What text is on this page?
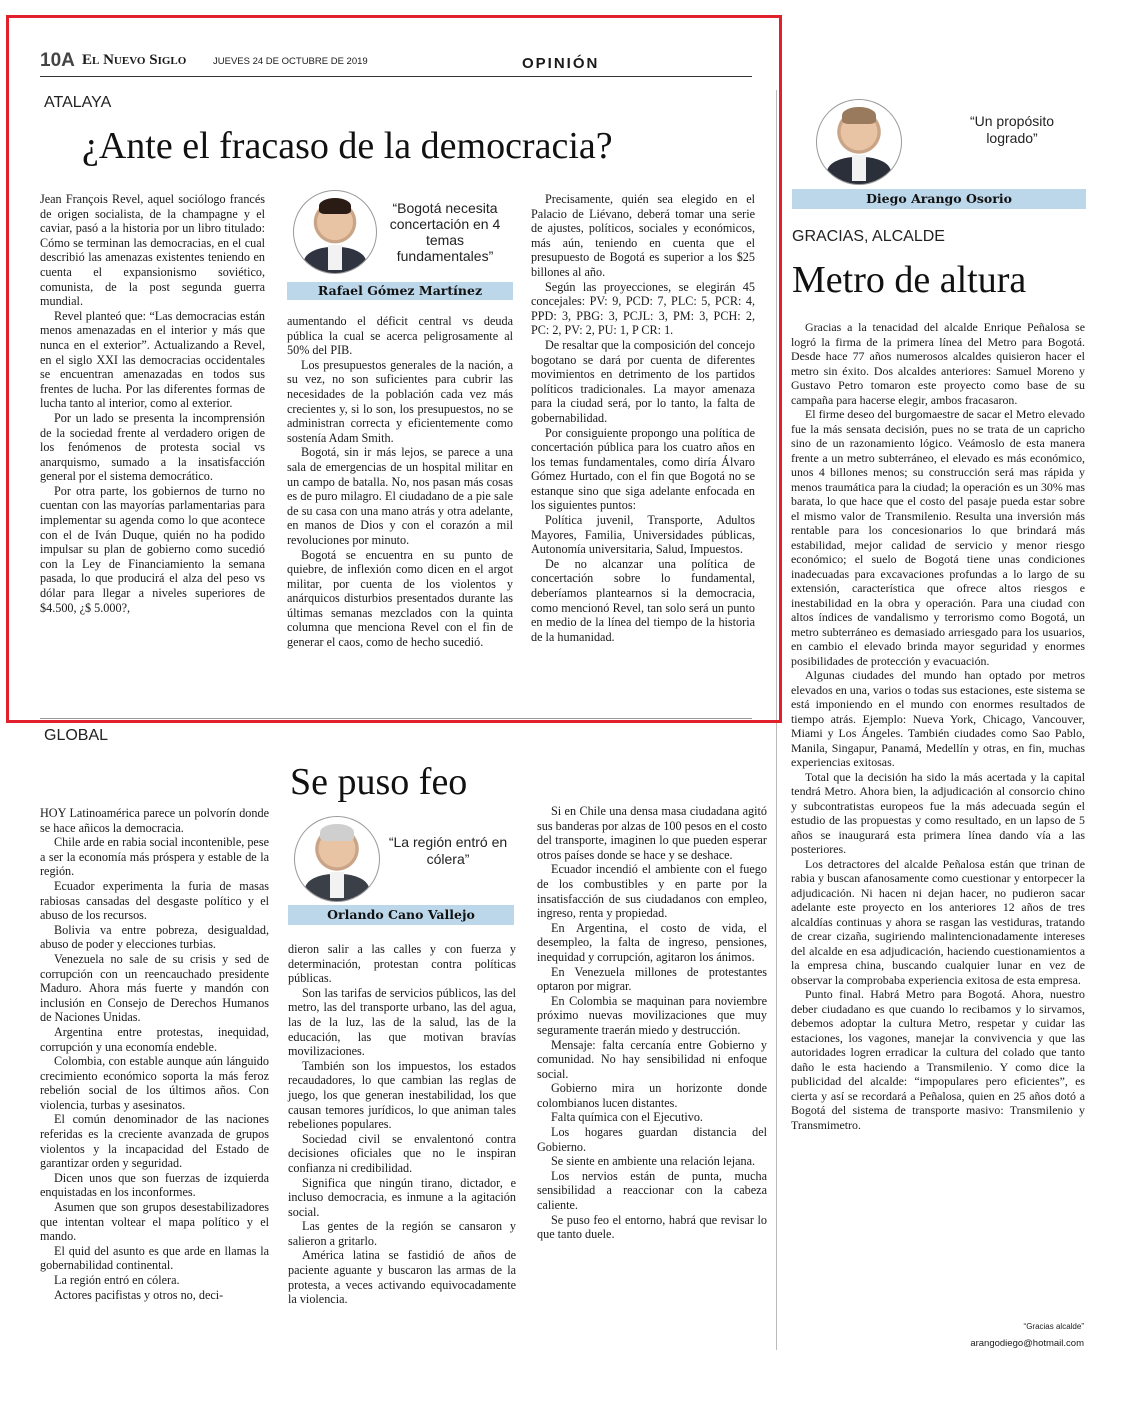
10A El Nuevo Siglo	JUEVES 24 DE OCTUBRE DE 2019	OPINIÓN
ATALAYA
¿Ante el fracaso de la democracia?

Jean François Revel, aquel sociólogo francés de origen socialista, de la champagne y el caviar, pasó a la historia por un libro titulado: Cómo se terminan las democracias, en el cual describió las amenazas existentes teniendo en cuenta el expansionismo soviético, comunista, de la post segunda guerra mundial.

Revel planteó que: “Las democracias están menos amenazadas en el interior y más que nunca en el exterior”. Actualizando a Revel, en el siglo XXI las democracias occidentales se encuentran amenazadas en todos sus frentes de lucha. Por las diferentes formas de lucha tanto al interior, como al exterior.

Por un lado se presenta la incomprensión de la sociedad frente al verdadero origen de los fenómenos de protesta social vs anarquismo, sumado a la insatisfacción general por el sistema democrático.

Por otra parte, los gobiernos de turno no cuentan con las mayorías parlamentarias para implementar su agenda como lo que acontece con el de Iván Duque, quién no ha podido impulsar su plan de gobierno como sucedió con la Ley de Financiamiento la semana pasada, lo que producirá el alza del peso vs dólar para llegar a niveles superiores de $4.500, ¿$ 5.000?,

“Bogotá necesita concertación en 4 temas fundamentales”
Rafael Gómez Martínez

aumentando el déficit central vs deuda pública la cual se acerca peligrosamente al 50% del PIB.

Los presupuestos generales de la nación, a su vez, no son suficientes para cubrir las necesidades de la población cada vez más crecientes y, si lo son, los presupuestos, no se administran correcta y eficientemente como sostenía Adam Smith.

Bogotá, sin ir más lejos, se parece a una sala de emergencias de un hospital militar en un campo de batalla. No, nos pasan más cosas es de puro milagro. El ciudadano de a pie sale de su casa con una mano atrás y otra adelante, en manos de Dios y con el corazón a mil revoluciones por minuto.

Bogotá se encuentra en su punto de quiebre, de inflexión como dicen en el argot militar, por cuenta de los violentos y anárquicos disturbios presentados durante las últimas semanas mezclados con la quinta columna que menciona Revel con el fin de generar el caos, como de hecho sucedió.

Precisamente, quién sea elegido en el Palacio de Liévano, deberá tomar una serie de ajustes, políticos, sociales y económicos, más aún, teniendo en cuenta que el presupuesto de Bogotá es superior a los $25 billones al año.

Según las proyecciones, se elegirán 45 concejales: PV: 9, PCD: 7, PLC: 5, PCR: 4, PPD: 3, PBG: 3, PCJL: 3, PM: 3, PCH: 2, PC: 2, PV: 2, PU: 1, P CR: 1.

De resaltar que la composición del concejo bogotano se dará por cuenta de diferentes movimientos en detrimento de los partidos políticos tradicionales. La mayor amenaza para la ciudad será, por lo tanto, la falta de gobernabilidad.

Por consiguiente propongo una política de concertación pública para los cuatro años en los temas fundamentales, como diría Álvaro Gómez Hurtado, con el fin que Bogotá no se estanque sino que siga adelante enfocada en los siguientes puntos:

Política juvenil, Transporte, Adultos Mayores, Familia, Universidades públicas, Autonomía universitaria, Salud, Impuestos.

De no alcanzar una política de concertación sobre lo fundamental, deberíamos plantearnos si la democracia, como mencionó Revel, tan solo será un punto en medio de la línea del tiempo de la historia de la humanidad.

GLOBAL
Se puso feo

HOY Latinoamérica parece un polvorín donde se hace añicos la democracia.

Chile arde en rabia social incontenible, pese a ser la economía más próspera y estable de la región.

Ecuador experimenta la furia de masas rabiosas cansadas del desgaste político y el abuso de los recursos.

Bolivia va entre pobreza, desigualdad, abuso de poder y elecciones turbias.

Venezuela no sale de su crisis y sed de corrupción con un reencauchado presidente Maduro. Ahora más fuerte y mandón con inclusión en Consejo de Derechos Humanos de Naciones Unidas.

Argentina entre protestas, inequidad, corrupción y una economía endeble.

Colombia, con estable aunque aún lánguido crecimiento económico soporta la más feroz rebelión social de los últimos años. Con violencia, turbas y asesinatos.

El común denominador de las naciones referidas es la creciente avanzada de grupos violentos y la incapacidad del Estado de garantizar orden y seguridad.

Dicen unos que son fuerzas de izquierda enquistadas en los inconformes.

Asumen que son grupos desestabilizadores que intentan voltear el mapa político y el mando.

El quid del asunto es que arde en llamas la gobernabilidad continental.

La región entró en cólera.

Actores pacifistas y otros no, deci-

“La región entró en cólera”
Orlando Cano Vallejo

dieron salir a las calles y con fuerza y determinación, protestan contra políticas públicas.

Son las tarifas de servicios públicos, las del metro, las del transporte urbano, las del agua, las de la luz, las de la salud, las de la educación, las que motivan bravías movilizaciones.

También son los impuestos, los estados recaudadores, lo que cambian las reglas de juego, los que generan inestabilidad, los que causan temores jurídicos, lo que animan tales rebeliones populares.

Sociedad civil se envalentonó contra decisiones oficiales que no le inspiran confianza ni credibilidad.

Significa que ningún tirano, dictador, e incluso democracia, es inmune a la agitación social.

Las gentes de la región se cansaron y salieron a gritarlo.

América latina se fastidió de años de paciente aguante y buscaron las armas de la protesta, a veces activando equivocadamente la violencia.

Si en Chile una densa masa ciudadana agitó sus banderas por alzas de 100 pesos en el costo del transporte, imaginen lo que pueden esperar otros países donde se hace y se deshace.

Ecuador incendió el ambiente con el fuego de los combustibles y en parte por la insatisfacción de sus ciudadanos con empleo, ingreso, renta y propiedad.

En Argentina, el costo de vida, el desempleo, la falta de ingreso, pensiones, inequidad y corrupción, agitaron los ánimos.

En Venezuela millones de protestantes optaron por migrar.

En Colombia se maquinan para noviembre próximo nuevas movilizaciones que muy seguramente traerán miedo y destrucción.

Mensaje: falta cercanía entre Gobierno y comunidad. No hay sensibilidad ni enfoque social.

Gobierno mira un horizonte donde colombianos lucen distantes.

Falta química con el Ejecutivo.

Los hogares guardan distancia del Gobierno.

Se siente en ambiente una relación lejana.

Los nervios están de punta, mucha sensibilidad a reaccionar con la cabeza caliente.

Se puso feo el entorno, habrá que revisar lo que tanto duele.

“Un propósito logrado”
Diego Arango Osorio
GRACIAS, ALCALDE
Metro de altura

Gracias a la tenacidad del alcalde Enrique Peñalosa se logró la firma de la primera línea del Metro para Bogotá. Desde hace 77 años numerosos alcaldes quisieron hacer el metro sin éxito. Dos alcaldes anteriores: Samuel Moreno y Gustavo Petro tomaron este proyecto como base de su campaña para hacerse elegir, ambos fracasaron.

El firme deseo del burgomaestre de sacar el Metro elevado fue la más sensata decisión, pues no se trata de un capricho sino de un razonamiento lógico. Veámoslo de esta manera frente a un metro subterráneo, el elevado es más económico, unos 4 billones menos; su construcción será mas rápida y menos traumática para la ciudad; la operación es un 30% mas barata, lo que hace que el costo del pasaje pueda estar sobre el mismo valor de Transmilenio. Resulta una inversión más rentable para los concesionarios lo que brindará más estabilidad, mejor calidad de servicio y menor riesgo económico; el suelo de Bogotá tiene unas condiciones inadecuadas para excavaciones profundas a lo largo de su extensión, característica que ofrece altos riesgos e inestabilidad en la obra y operación. Para una ciudad con altos índices de vandalismo y terrorismo como Bogotá, un metro subterráneo es demasiado arriesgado para los usuarios, en cambio el elevado brinda mayor seguridad y enormes posibilidades de protección y evacuación.

Algunas ciudades del mundo han optado por metros elevados en una, varios o todas sus estaciones, este sistema se está imponiendo en el mundo con enormes resultados de tiempo atrás. Ejemplo: Nueva York, Chicago, Vancouver, Miami y Los Ángeles. También ciudades como Sao Pablo, Manila, Singapur, Panamá, Medellín y otras, en fin, muchas experiencias exitosas.

Total que la decisión ha sido la más acertada y la capital tendrá Metro. Ahora bien, la adjudicación al consorcio chino y subcontratistas europeos fue la más adecuada según el estudio de las propuestas y como resultado, en un lapso de 5 años se inaugurará esta primera línea dando vía a las posteriores.

Los detractores del alcalde Peñalosa están que trinan de rabia y buscan afanosamente como cuestionar y entorpecer la adjudicación. Ni hacen ni dejan hacer, no pudieron sacar adelante este proyecto en los anteriores 12 años de tres alcaldías continuas y ahora se rasgan las vestiduras, tratando de crear cizaña, sugiriendo malintencionadamente intereses del alcalde en esa adjudicación, haciendo cuestionamientos a la empresa china, buscando cualquier lunar en vez de observar la comprobaba experiencia exitosa de esta empresa.

Punto final. Habrá Metro para Bogotá. Ahora, nuestro deber ciudadano es que cuando lo recibamos y lo sirvamos, debemos adoptar la cultura Metro, respetar y cuidar las estaciones, los vagones, manejar la convivencia y que las autoridades logren erradicar la cultura del colado que tanto daño le esta haciendo a Transmilenio. Y como dice la publicidad del alcalde: “impopulares pero eficientes”, es cierta y así se recordará a Peñalosa, quien en 25 años dotó a Bogotá del sistema de transporte masivo: Transmilenio y Transmimetro.

“Gracias alcalde”
arangodiego@hotmail.com
